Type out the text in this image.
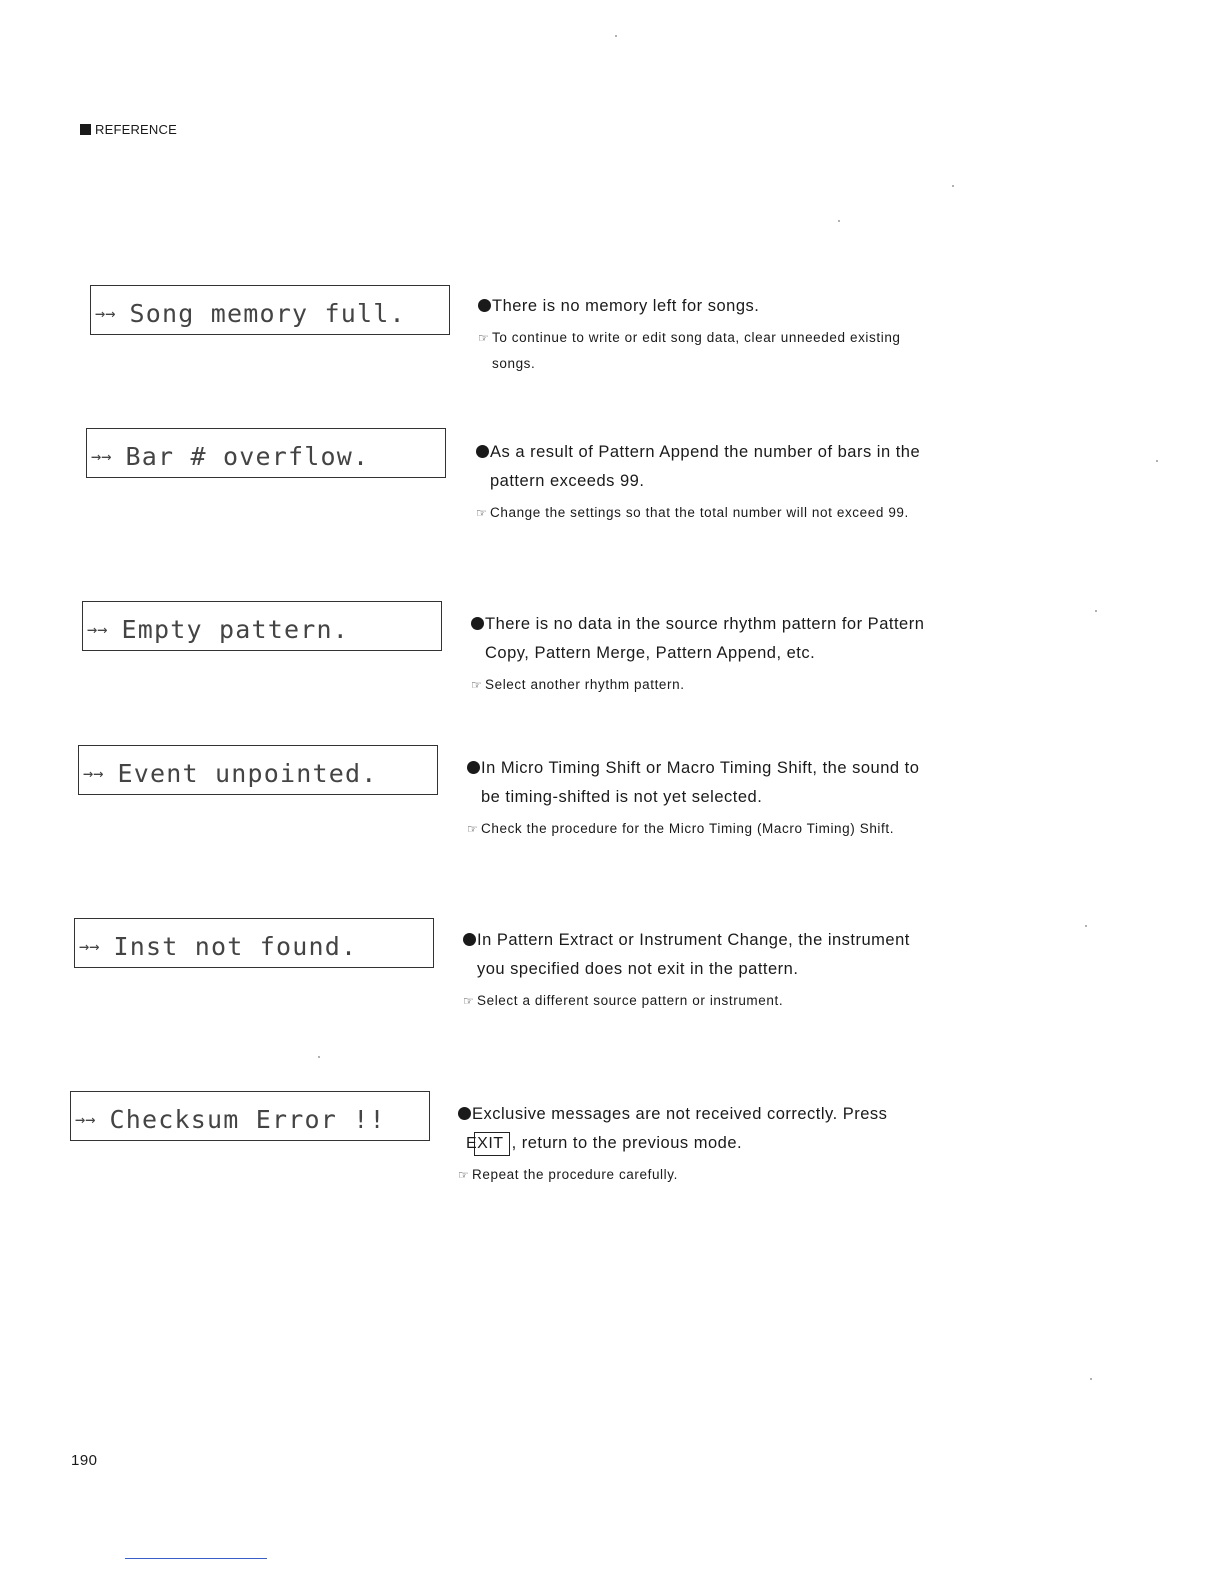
REFERENCE
→→ Song memory full.	There is no memory left for songs.

☞ To continue to write or edit song data, clear unneeded existing songs.

→→ Bar # overflow.	As a result of Pattern Append the number of bars in the pattern exceeds 99.

☞ Change the settings so that the total number will not exceed 99.

→→ Empty pattern.	There is no data in the source rhythm pattern for Pattern Copy, Pattern Merge, Pattern Append, etc.

☞ Select another rhythm pattern.

→→ Event unpointed.	In Micro Timing Shift or Macro Timing Shift, the sound to be timing-shifted is not yet selected.

☞ Check the procedure for the Micro Timing (Macro Timing) Shift.

→→ Inst not found.	In Pattern Extract or Instrument Change, the instrument you specified does not exit in the pattern.

☞ Select a different source pattern or instrument.

→→ Checksum Error !!	Exclusive messages are not received correctly. Press EXIT , return to the previous mode.

☞ Repeat the procedure carefully.

190
